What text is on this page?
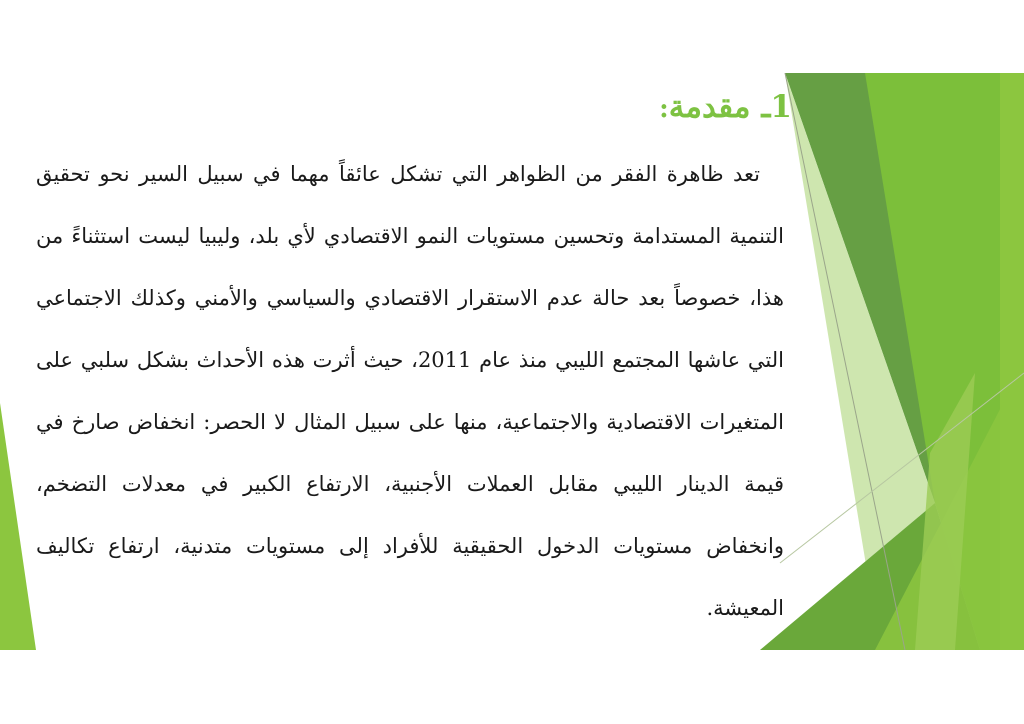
1ـ مقدمة:
تعد ظاهرة الفقر من الظواهر التي تشكل عائقاً مهما في سبيل السير نحو تحقيق التنمية المستدامة وتحسين مستويات النمو الاقتصادي لأي بلد، وليبيا ليست استثناءً من هذا، خصوصاً بعد حالة عدم الاستقرار الاقتصادي والسياسي والأمني وكذلك الاجتماعي التي عاشها المجتمع الليبي منذ عام 2011، حيث أثرت هذه الأحداث بشكل سلبي على المتغيرات الاقتصادية والاجتماعية، منها على سبيل المثال لا الحصر: انخفاض صارخ في قيمة الدينار الليبي مقابل العملات الأجنبية، الارتفاع الكبير في معدلات التضخم، وانخفاض مستويات الدخول الحقيقية للأفراد إلى مستويات متدنية، ارتفاع تكاليف المعيشة.
